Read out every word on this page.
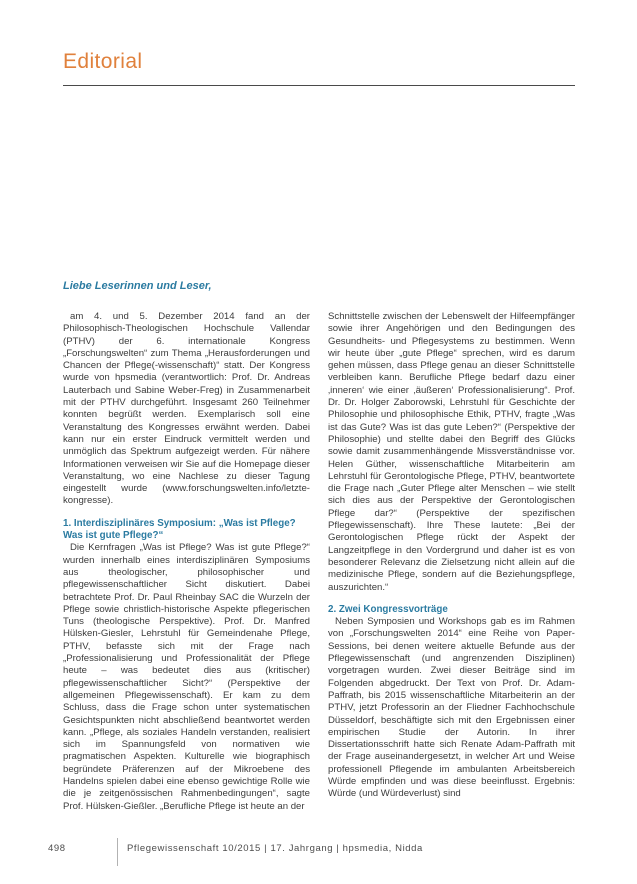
Editorial

Liebe Leserinnen und Leser,

am 4. und 5. Dezember 2014 fand an der Philosophisch-Theologischen Hochschule Vallendar (PTHV) der 6. internationale Kongress „Forschungswelten“ zum Thema „Herausforderungen und Chancen der Pflege(-wissenschaft)“ statt. Der Kongress wurde von hpsmedia (verantwortlich: Prof. Dr. Andreas Lauterbach und Sabine Weber-Freg) in Zusammenarbeit mit der PTHV durchgeführt. Insgesamt 260 Teilnehmer konnten begrüßt werden. Exemplarisch soll eine Veranstaltung des Kongresses erwähnt werden. Dabei kann nur ein erster Eindruck vermittelt werden und unmöglich das Spektrum aufgezeigt werden. Für nähere Informationen verweisen wir Sie auf die Homepage dieser Veranstaltung, wo eine Nachlese zu dieser Tagung eingestellt wurde (www.forschungswelten.info/letzte-kongresse).

1. Interdisziplinäres Symposium: „Was ist Pflege? Was ist gute Pflege?“

Die Kernfragen „Was ist Pflege? Was ist gute Pflege?“ wurden innerhalb eines interdisziplinären Symposiums aus theologischer, philosophischer und pflegewissenschaftlicher Sicht diskutiert. Dabei betrachtete Prof. Dr. Paul Rheinbay SAC die Wurzeln der Pflege sowie christlich-historische Aspekte pflegerischen Tuns (theologische Perspektive). Prof. Dr. Manfred Hülsken-Giesler, Lehrstuhl für Gemeindenahe Pflege, PTHV, befasste sich mit der Frage nach „Professionalisierung und Professionalität der Pflege heute – was bedeutet dies aus (kritischer) pflegewissenschaftlicher Sicht?“ (Perspektive der allgemeinen Pflegewissenschaft). Er kam zu dem Schluss, dass die Frage schon unter systematischen Gesichtspunkten nicht abschließend beantwortet werden kann. „Pflege, als soziales Handeln verstanden, realisiert sich im Spannungsfeld von normativen wie pragmatischen Aspekten. Kulturelle wie biographisch begründete Präferenzen auf der Mikroebene des Handelns spielen dabei eine ebenso gewichtige Rolle wie die je zeitgenössischen Rahmenbedingungen“, sagte Prof. Hülsken-Gießler. „Berufliche Pflege ist heute an der

Schnittstelle zwischen der Lebenswelt der Hilfeempfänger sowie ihrer Angehörigen und den Bedingungen des Gesundheits- und Pflegesystems zu bestimmen. Wenn wir heute über „gute Pflege“ sprechen, wird es darum gehen müssen, dass Pflege genau an dieser Schnittstelle verbleiben kann. Berufliche Pflege bedarf dazu einer ‚inneren‘ wie einer ‚äußeren‘ Professionalisierung“. Prof. Dr. Dr. Holger Zaborowski, Lehrstuhl für Geschichte der Philosophie und philosophische Ethik, PTHV, fragte „Was ist das Gute? Was ist das gute Leben?“ (Perspektive der Philosophie) und stellte dabei den Begriff des Glücks sowie damit zusammenhängende Missverständnisse vor. Helen Güther, wissenschaftliche Mitarbeiterin am Lehrstuhl für Gerontologische Pflege, PTHV, beantwortete die Frage nach „Guter Pflege alter Menschen – wie stellt sich dies aus der Perspektive der Gerontologischen Pflege dar?“ (Perspektive der spezifischen Pflegewissenschaft). Ihre These lautete: „Bei der Gerontologischen Pflege rückt der Aspekt der Langzeitpflege in den Vordergrund und daher ist es von besonderer Relevanz die Zielsetzung nicht allein auf die medizinische Pflege, sondern auf die Beziehungspflege, auszurichten.“

2. Zwei Kongressvorträge

Neben Symposien und Workshops gab es im Rahmen von „Forschungswelten 2014“ eine Reihe von Paper-Sessions, bei denen weitere aktuelle Befunde aus der Pflegewissenschaft (und angrenzenden Disziplinen) vorgetragen wurden. Zwei dieser Beiträge sind im Folgenden abgedruckt. Der Text von Prof. Dr. Adam-Paffrath, bis 2015 wissenschaftliche Mitarbeiterin an der PTHV, jetzt Professorin an der Fliedner Fachhochschule Düsseldorf, beschäftigte sich mit den Ergebnissen einer empirischen Studie der Autorin. In ihrer Dissertationsschrift hatte sich Renate Adam-Paffrath mit der Frage auseinandergesetzt, in welcher Art und Weise professionell Pflegende im ambulanten Arbeitsbereich Würde empfinden und was diese beeinflusst. Ergebnis: Würde (und Würdeverlust) sind

498	Pflegewissenschaft 10/2015 | 17. Jahrgang | hpsmedia, Nidda
